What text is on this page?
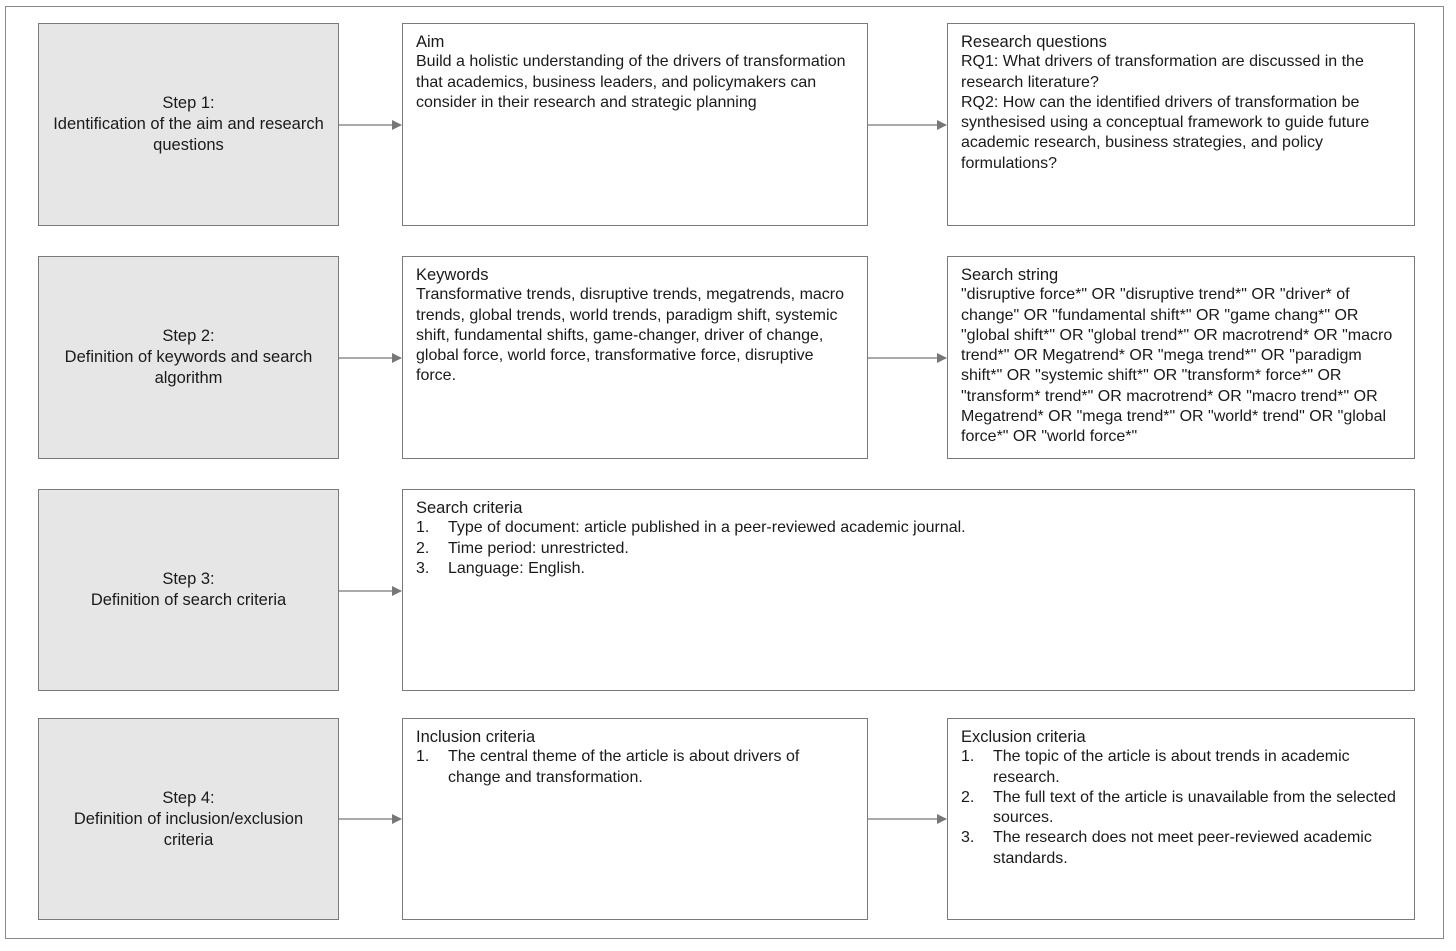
Step 1:
Identification of the aim and research questions
Aim
Build a holistic understanding of the drivers of transformation that academics, business leaders, and policymakers can consider in their research and strategic planning
Research questions
RQ1: What drivers of transformation are discussed in the research literature?
RQ2: How can the identified drivers of transformation be synthesised using a conceptual framework to guide future academic research, business strategies, and policy formulations?
Step 2:
Definition of keywords and search algorithm
Keywords
Transformative trends, disruptive trends, megatrends, macro trends, global trends, world trends, paradigm shift, systemic shift, fundamental shifts, game-changer, driver of change, global force, world force, transformative force, disruptive force.
Search string
"disruptive force*" OR "disruptive trend*" OR "driver* of change" OR "fundamental shift*" OR "game chang*" OR "global shift*" OR "global trend*" OR macrotrend* OR "macro trend*" OR Megatrend* OR "mega trend*" OR "paradigm shift*" OR "systemic shift*" OR "transform* force*" OR "transform* trend*" OR macrotrend* OR "macro trend*" OR Megatrend* OR "mega trend*" OR "world* trend" OR "global force*" OR "world force*"
Step 3:
Definition of search criteria
Search criteria
1.	Type of document: article published in a peer-reviewed academic journal.
2.	Time period: unrestricted.
3.	Language: English.
Step 4:
Definition of inclusion/exclusion criteria
Inclusion criteria
1.	The central theme of the article is about drivers of change and transformation.
Exclusion criteria
1.	The topic of the article is about trends in academic research.
2.	The full text of the article is unavailable from the selected sources.
3.	The research does not meet peer-reviewed academic standards.
